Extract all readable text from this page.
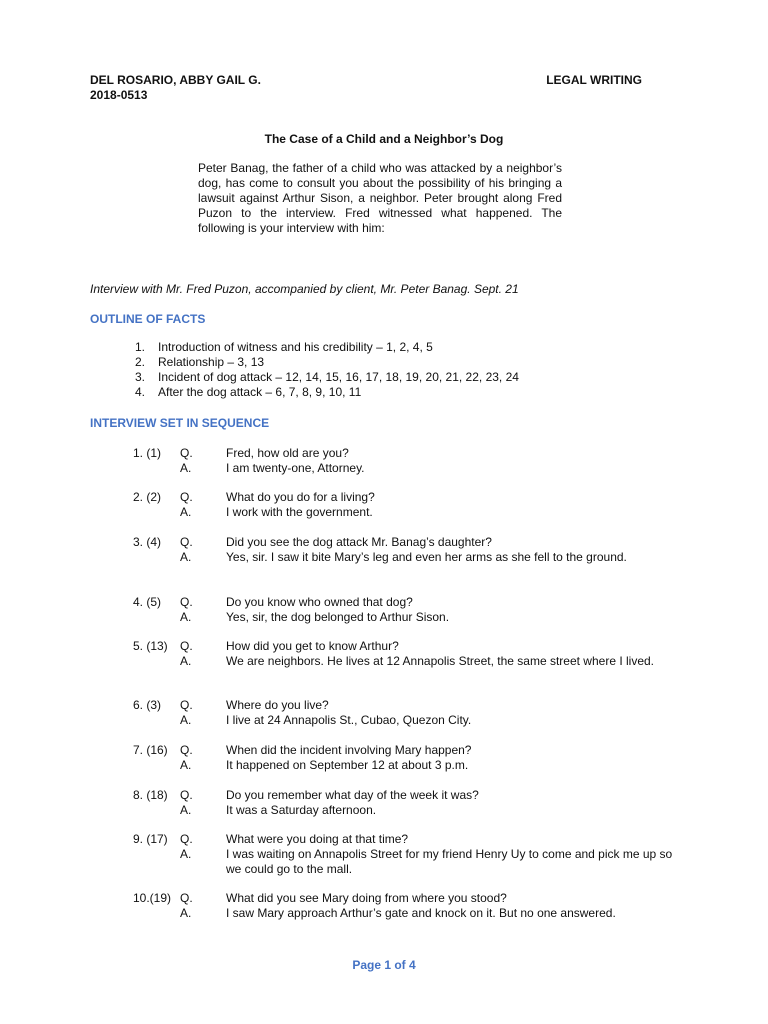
DEL ROSARIO, ABBY GAIL G.	LEGAL WRITING
2018-0513
The Case of a Child and a Neighbor’s Dog
Peter Banag, the father of a child who was attacked by a neighbor’s dog, has come to consult you about the possibility of his bringing a lawsuit against Arthur Sison, a neighbor. Peter brought along Fred Puzon to the interview. Fred witnessed what happened. The following is your interview with him:
Interview with Mr. Fred Puzon, accompanied by client, Mr. Peter Banag. Sept. 21
OUTLINE OF FACTS
1.	Introduction of witness and his credibility – 1, 2, 4, 5
2.	Relationship – 3, 13
3.	Incident of dog attack – 12, 14, 15, 16, 17, 18, 19, 20, 21, 22, 23, 24
4.	After the dog attack – 6, 7, 8, 9, 10, 11
INTERVIEW SET IN SEQUENCE
1. (1) Q.	Fred, how old are you?
A.	I am twenty-one, Attorney.
2. (2) Q.	What do you do for a living?
A.	I work with the government.
3. (4) Q.	Did you see the dog attack Mr. Banag’s daughter?
A.	Yes, sir. I saw it bite Mary’s leg and even her arms as she fell to the ground.
4. (5) Q.	Do you know who owned that dog?
A.	Yes, sir, the dog belonged to Arthur Sison.
5. (13) Q.	How did you get to know Arthur?
A.	We are neighbors. He lives at 12 Annapolis Street, the same street where I lived.
6. (3) Q.	Where do you live?
A.	I live at 24 Annapolis St., Cubao, Quezon City.
7. (16) Q.	When did the incident involving Mary happen?
A.	It happened on September 12 at about 3 p.m.
8. (18) Q.	Do you remember what day of the week it was?
A.	It was a Saturday afternoon.
9. (17) Q.	What were you doing at that time?
A.	I was waiting on Annapolis Street for my friend Henry Uy to come and pick me up so we could go to the mall.
10.(19) Q.	What did you see Mary doing from where you stood?
A.	I saw Mary approach Arthur’s gate and knock on it. But no one answered.
Page 1 of 4
